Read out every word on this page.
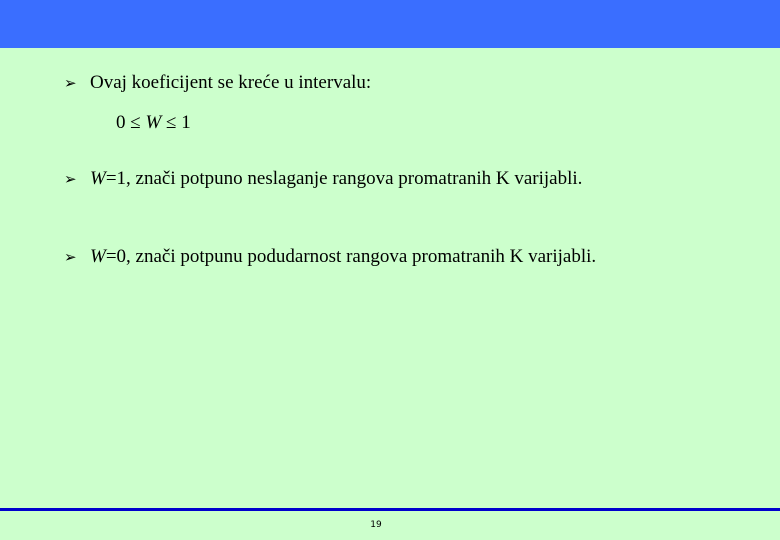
➢ Ovaj koeficijent se kreće u intervalu:
0 ≤ W ≤ 1
➢ W=1, znači potpuno neslaganje rangova promatranih K varijabli.
➢ W=0, znači potpunu podudarnost rangova promatranih K varijabli.
19
